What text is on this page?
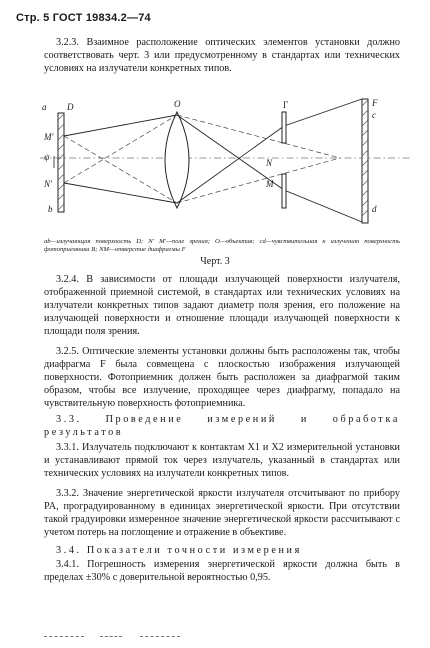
Стр. 5 ГОСТ 19834.2—74

3.2.3. Взаимное расположение оптических элементов установки должно соответствовать черт. 3 или предусмотренному в стандартах или технических условиях на излучатели конкретных типов.

a D
ψ
M'
N'
b
O	Г
N
M
F
c
d
ab—излучающая поверхность D; N' M'—поле зрения; O—объектив; cd—чувствительная к излучению поверхность фотоприемника B; NM—отверстие диафрагмы F
Черт. 3

3.2.4. В зависимости от площади излучающей поверхности излучателя, отображенной приемной системой, в стандартах или технических условиях на излучатели конкретных типов задают диаметр поля зрения, его положение на излучающей поверхности и отношение площади излучающей поверхности к площади поля зрения.

3.2.5. Оптические элементы установки должны быть расположены так, чтобы диафрагма F была совмещена с плоскостью изображения излучающей поверхности. Фотоприемник должен быть расположен за диафрагмой таким образом, чтобы все излучение, проходящее через диафрагму, попадало на чувствительную поверхность фотоприемника.

3.3. Проведение измерений и обработка результатов

3.3.1. Излучатель подключают к контактам X1 и X2 измерительной установки и устанавливают прямой ток через излучатель, указанный в стандартах или технических условиях на излучатели конкретных типов.

3.3.2. Значение энергетической яркости излучателя отсчитывают по прибору PA, проградуированному в единицах энергетической яркости. При отсутствии такой градуировки измеренное значение энергетической яркости рассчитывают с учетом потерь на поглощение и отражение в объективе.

3.4. Показатели точности измерения

3.4.1. Погрешность измерения энергетической яркости должна быть в пределах ±30% с доверительной вероятностью 0,95.
